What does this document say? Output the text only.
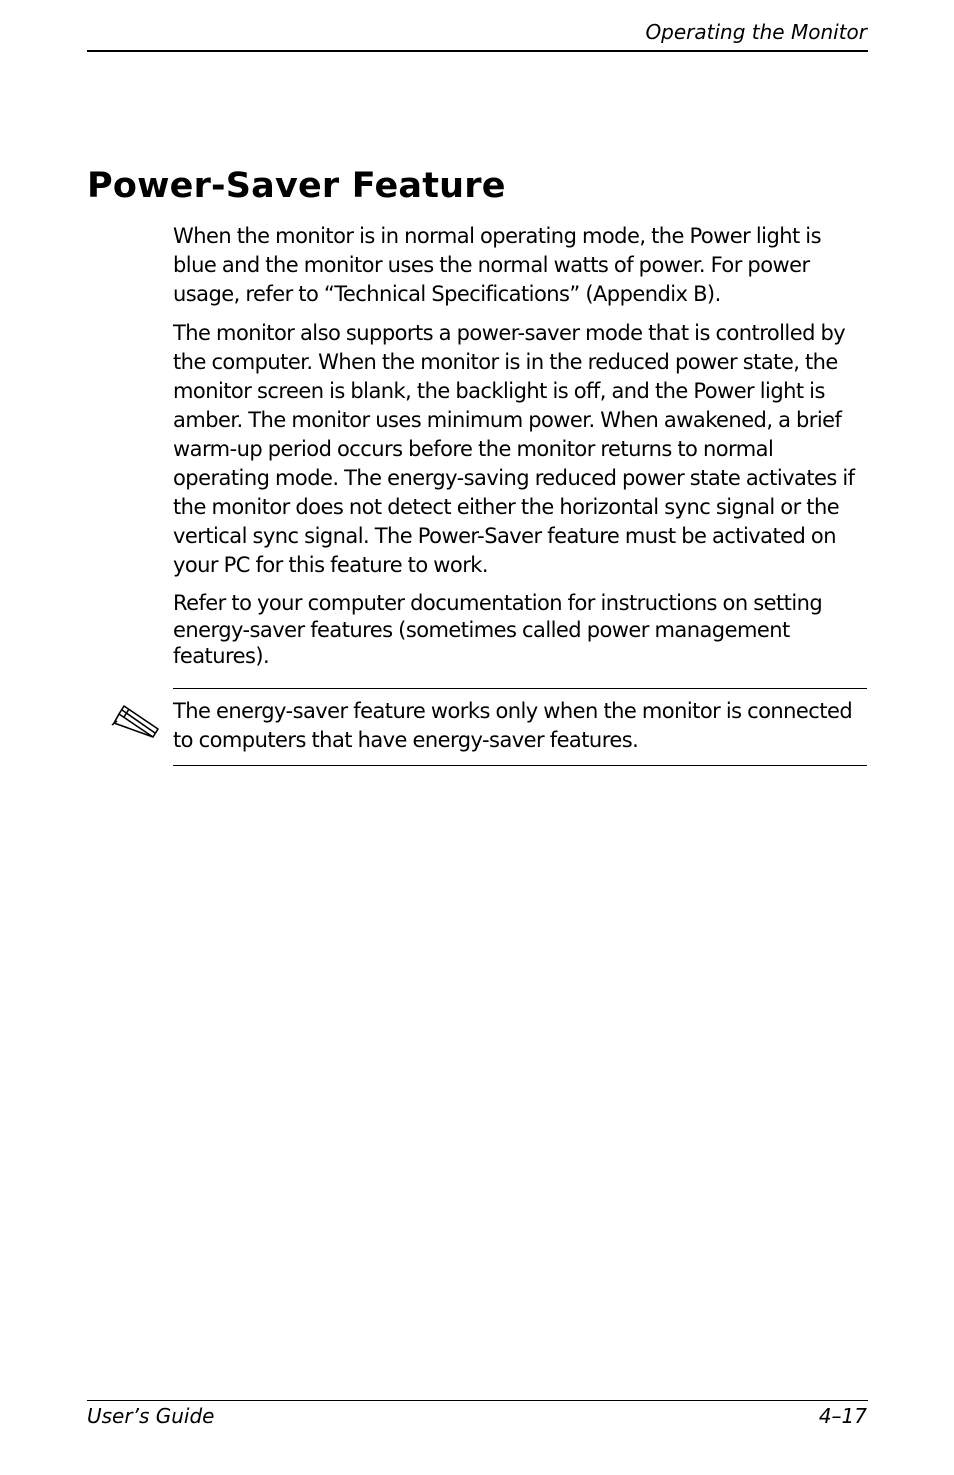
Operating the Monitor
Power-Saver Feature

When the monitor is in normal operating mode, the Power light is blue and the monitor uses the normal watts of power. For power usage, refer to “Technical Specifications” (Appendix B).

The monitor also supports a power-saver mode that is controlled by the computer. When the monitor is in the reduced power state, the monitor screen is blank, the backlight is off, and the Power light is amber. The monitor uses minimum power. When awakened, a brief warm-up period occurs before the monitor returns to normal operating mode. The energy-saving reduced power state activates if the monitor does not detect either the horizontal sync signal or the vertical sync signal. The Power-Saver feature must be activated on your PC for this feature to work.

Refer to your computer documentation for instructions on setting energy-saver features (sometimes called power management features).

The energy-saver feature works only when the monitor is connected to computers that have energy-saver features.

User’s Guide	4–17
